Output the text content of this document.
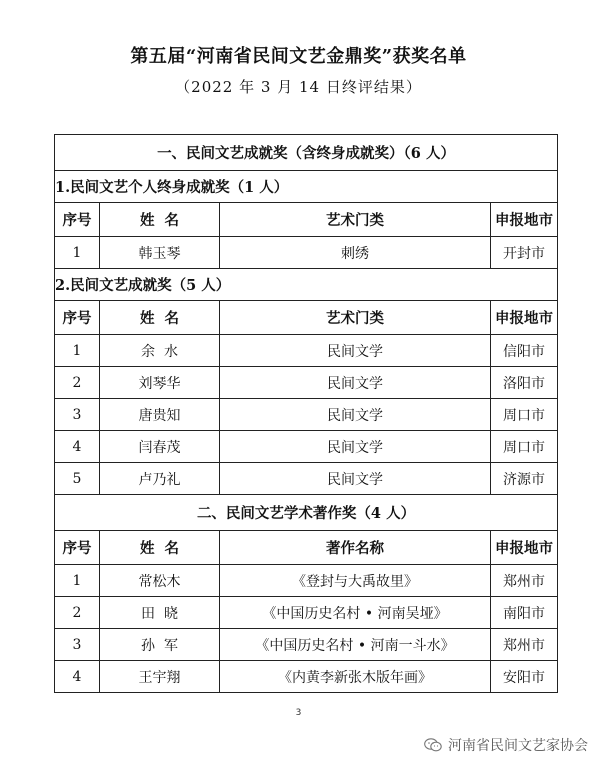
第五届“河南省民间文艺金鼎奖”获奖名单
（2022 年 3 月 14 日终评结果）
一、民间文艺成就奖（含终身成就奖）（6 人）			
1.民间文艺个人终身成就奖（1 人）			
序号	姓  名	艺术门类	申报地市
1	韩玉琴	刺绣	开封市
2.民间文艺成就奖（5 人）			
序号	姓  名	艺术门类	申报地市
1	余  水	民间文学	信阳市
2	刘琴华	民间文学	洛阳市
3	唐贵知	民间文学	周口市
4	闫春茂	民间文学	周口市
5	卢乃礼	民间文学	济源市
二、民间文艺学术著作奖（4 人）			
序号	姓  名	著作名称	申报地市
1	常松木	《登封与大禹故里》	郑州市
2	田  晓	《中国历史名村 • 河南吴垭》	南阳市
3	孙  军	《中国历史名村 • 河南一斗水》	郑州市
4	王宇翔	《内黄李新张木版年画》	安阳市
3
河南省民间文艺家协会
